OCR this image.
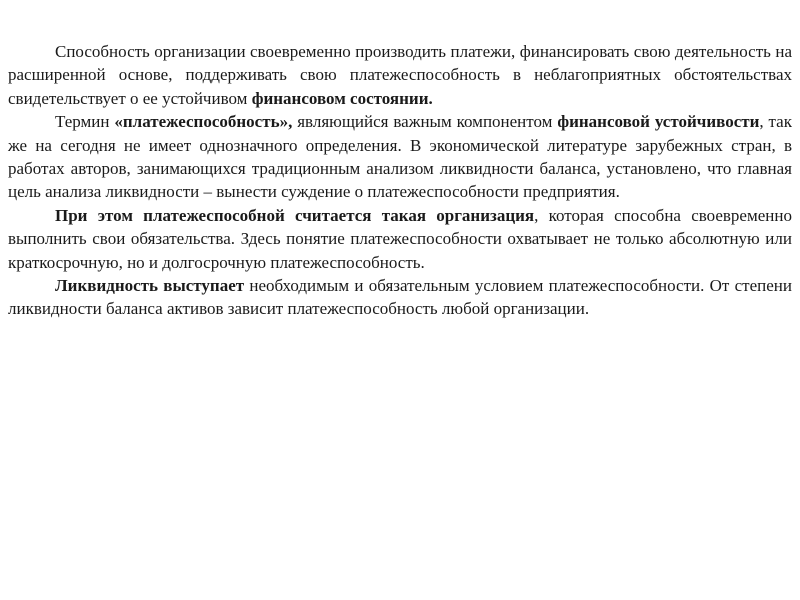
Способность организации своевременно производить платежи, финансировать свою деятельность на расширенной основе, поддерживать свою платежеспособность в неблагоприятных обстоятельствах свидетельствует о ее устойчивом финансовом состоянии.

Термин «платежеспособность», являющийся важным компонентом финансовой устойчивости, так же на сегодня не имеет однозначного определения. В экономической литературе зарубежных стран, в работах авторов, занимающихся традиционным анализом ликвидности баланса, установлено, что главная цель анализа ликвидности – вынести суждение о платежеспособности предприятия.

При этом платежеспособной считается такая организация, которая способна своевременно выполнить свои обязательства. Здесь понятие платежеспособности охватывает не только абсолютную или краткосрочную, но и долгосрочную платежеспособность.

Ликвидность выступает необходимым и обязательным условием платежеспособности. От степени ликвидности баланса активов зависит платежеспособность любой организации.
